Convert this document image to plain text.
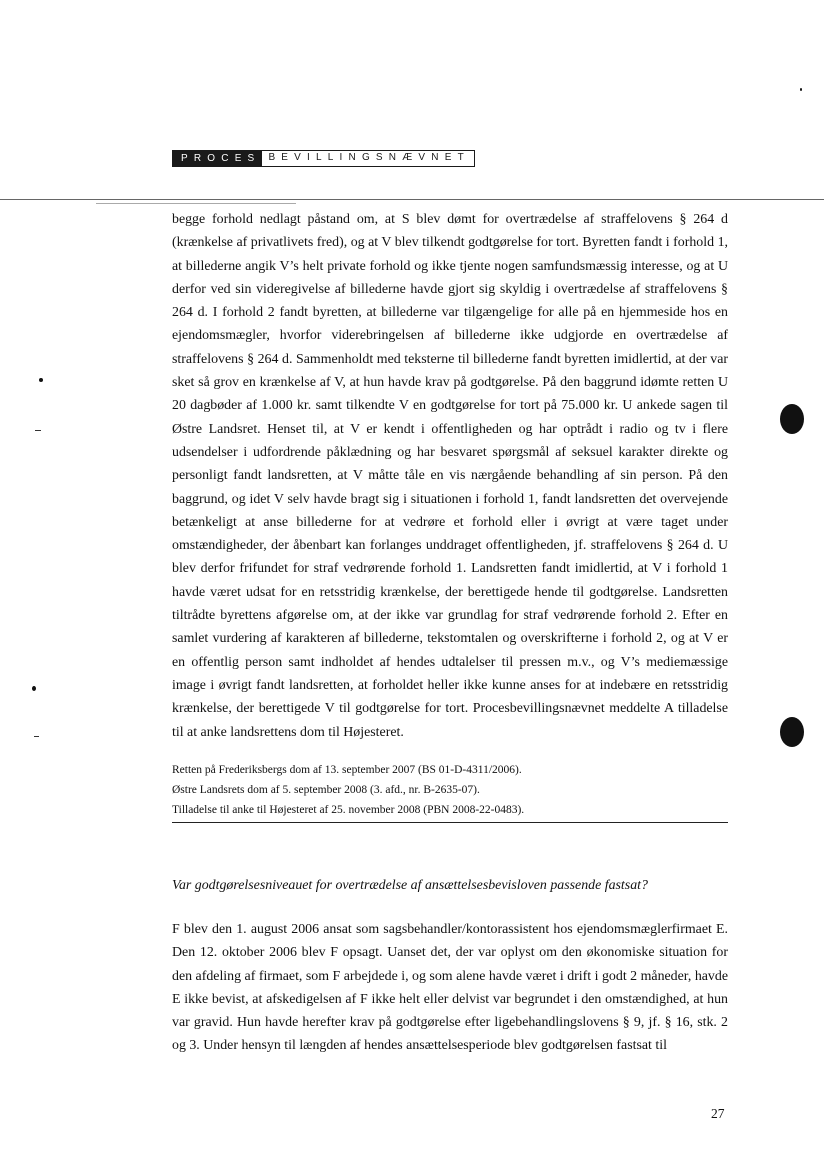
PROCES BEVILLINGSNÆVNET
begge forhold nedlagt påstand om, at S blev dømt for overtrædelse af straffelovens § 264 d (krænkelse af privatlivets fred), og at V blev tilkendt godtgørelse for tort. Byretten fandt i forhold 1, at billederne angik V’s helt private forhold og ikke tjente nogen samfundsmæssig interesse, og at U derfor ved sin videregivelse af billederne havde gjort sig skyldig i overtrædelse af straffelovens § 264 d. I forhold 2 fandt byretten, at billederne var tilgængelige for alle på en hjemmeside hos en ejendomsmægler, hvorfor viderebringelsen af billederne ikke udgjorde en overtrædelse af straffelovens § 264 d. Sammenholdt med teksterne til billederne fandt byretten imidlertid, at der var sket så grov en krænkelse af V, at hun havde krav på godtgørelse. På den baggrund idømte retten U 20 dagbøder af 1.000 kr. samt tilkendte V en godtgørelse for tort på 75.000 kr. U ankede sagen til Østre Landsret. Henset til, at V er kendt i offentligheden og har optrådt i radio og tv i flere udsendelser i udfordrende påklædning og har besvaret spørgsmål af seksuel karakter direkte og personligt fandt landsretten, at V måtte tåle en vis nærgående behandling af sin person. På den baggrund, og idet V selv havde bragt sig i situationen i forhold 1, fandt landsretten det overvejende betænkeligt at anse billederne for at vedrøre et forhold eller i øvrigt at være taget under omstændigheder, der åbenbart kan forlanges unddraget offentligheden, jf. straffelovens § 264 d. U blev derfor frifundet for straf vedrørende forhold 1. Landsretten fandt imidlertid, at V i forhold 1 havde været udsat for en retsstridig krænkelse, der berettigede hende til godtgørelse. Landsretten tiltrådte byrettens afgørelse om, at der ikke var grundlag for straf vedrørende forhold 2. Efter en samlet vurdering af karakteren af billederne, tekstomtalen og overskrifterne i forhold 2, og at V er en offentlig person samt indholdet af hendes udtalelser til pressen m.v., og V’s mediemæssige image i øvrigt fandt landsretten, at forholdet heller ikke kunne anses for at indebære en retsstridig krænkelse, der berettigede V til godtgørelse for tort. Procesbevillingsnævnet meddelte A tilladelse til at anke landsrettens dom til Højesteret.
Retten på Frederiksbergs dom af 13. september 2007 (BS 01-D-4311/2006).
Østre Landsrets dom af 5. september 2008 (3. afd., nr. B-2635-07).
Tilladelse til anke til Højesteret af 25. november 2008 (PBN 2008-22-0483).
Var godtgørelsesniveauet for overtrædelse af ansættelsesbevisloven passende fastsat?
F blev den 1. august 2006 ansat som sagsbehandler/kontorassistent hos ejendomsmæglerfirmaet E. Den 12. oktober 2006 blev F opsagt. Uanset det, der var oplyst om den økonomiske situation for den afdeling af firmaet, som F arbejdede i, og som alene havde været i drift i godt 2 måneder, havde E ikke bevist, at afskedigelsen af F ikke helt eller delvist var begrundet i den omstændighed, at hun var gravid. Hun havde herefter krav på godtgørelse efter ligebehandlingslovens § 9, jf. § 16, stk. 2 og 3. Under hensyn til længden af hendes ansættelsesperiode blev godtgørelsen fastsat til
27
